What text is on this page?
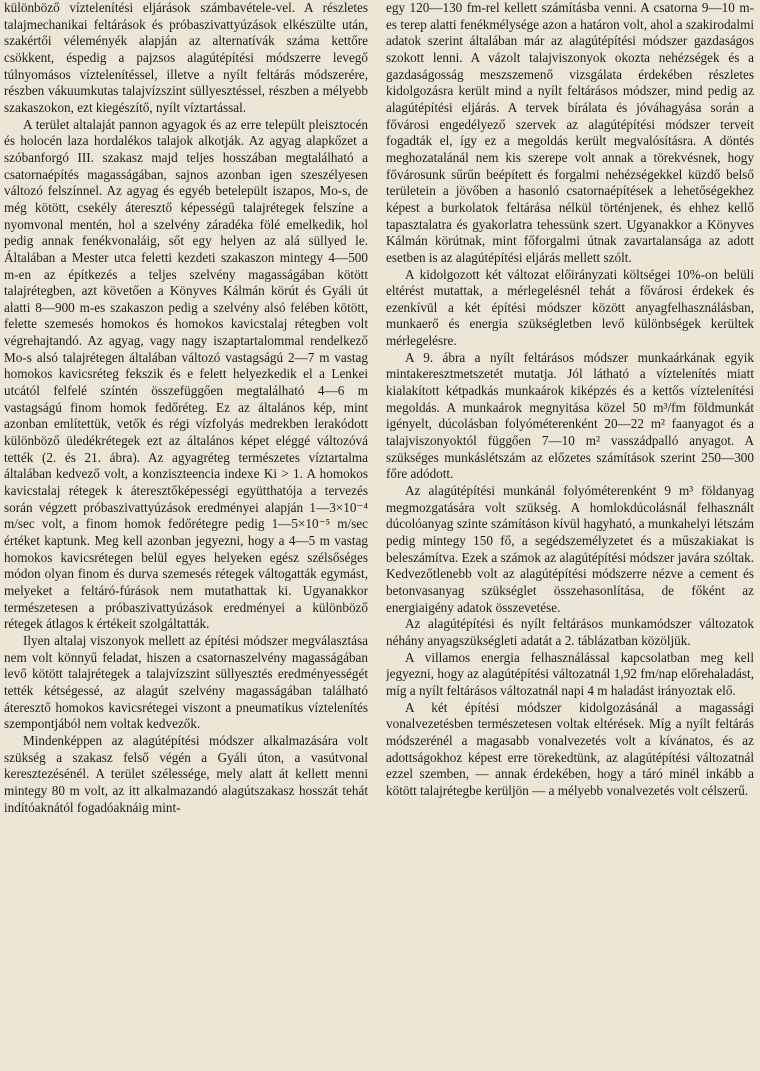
különböző víztelenítési eljárások számbavétele-vel. A részletes talajmechanikai feltárások és próbaszivattyúzások elkészülte után, szakértői véleményék alapján az alternatívák száma kettőre csökkent, éspedig a pajzsos alagútépítési módszerre levegő túlnyomásos víztelenítéssel, illetve a nyílt feltárás módszerére, részben vákuumkutas talajvízszint süllyesztéssel, részben a mélyebb szakaszokon, ezt kiegészítő, nyílt víztartással.

A terület altalaját pannon agyagok és az erre települt pleisztocén és holocén laza hordalékos talajok alkotják. Az agyag alapkőzet a szóbanforgó III. szakasz majd teljes hosszában megtalálható a csatornaépítés magasságában, sajnos azonban igen szeszélyesen változó felszínnel. Az agyag és egyéb betelepült iszapos, Mo-s, de még kötött, csekély áteresztő képességű talajrétegek felszíne a nyomvonal mentén, hol a szelvény záradéka fölé emelkedik, hol pedig annak fenékvonaláig, sőt egy helyen az alá süllyed le. Általában a Mester utca feletti kezdeti szakaszon mintegy 4—500 m-en az építkezés a teljes szelvény magasságában kötött talajrétegben, azt követően a Könyves Kálmán körút és Gyáli út alatti 8—900 m-es szakaszon pedig a szelvény alsó felében kötött, felette szemesés homokos és homokos kavicstalaj rétegben volt végrehajtandó. Az agyag, vagy nagy iszaptartalommal rendelkező Mo-s alsó talajrétegen általában változó vastagságú 2—7 m vastag homokos kavicsréteg fekszik és e felett helyezkedik el a Lenkei utcától felfelé színtén összefüggően megtalálható 4—6 m vastagságú finom homok fedőréteg. Ez az általános kép, mint azonban említettük, vetők és régi vízfolyás medrekben lerakódott különböző üledékrétegek ezt az általános képet eléggé változóvá tették (2. és 21. ábra). Az agyagréteg természetes víztartalma általában kedvező volt, a konziszteencia indexe Ki > 1. A homokos kavicstalaj rétegek k áteresztőképességi együtthatója a tervezés során végzett próbaszivattyúzások eredményei alapján 1—3×10⁻⁴ m/sec volt, a finom homok fedőrétegre pedig 1—5×10⁻⁵ m/sec értéket kaptunk. Meg kell azonban jegyezni, hogy a 4—5 m vastag homokos kavicsrétegen belül egyes helyeken egész szélsőséges módon olyan finom és durva szemesés rétegek váltogatták egymást, melyeket a feltáró-fúrások nem mutathattak ki. Ugyanakkor természetesen a próbaszivattyúzások eredményei a különböző rétegek átlagos k értékeit szolgáltatták.

Ilyen altalaj viszonyok mellett az építési módszer megválasztása nem volt könnyű feladat, hiszen a csatornaszelvény magasságában levő kötött talajrétegek a talajvízszint süllyesztés eredményességét tették kétségessé, az alagút szelvény magasságában található áteresztő homokos kavicsrétegei viszont a pneumatikus víztelenítés szempontjából nem voltak kedvezők.

Mindenképpen az alagútépítési módszer alkalmazására volt szükség a szakasz felső végén a Gyáli úton, a vasútvonal keresztezésénél. A terület szélessége, mely alatt át kellett menni mintegy 80 m volt, az itt alkalmazandó alagútszakasz hosszát tehát indítóaknától fogadóaknáig mint-

egy 120—130 fm-rel kellett számításba venni. A csatorna 9—10 m-es terep alatti fenékmélysége azon a határon volt, ahol a szakirodalmi adatok szerint általában már az alagútépítési módszer gazdaságos szokott lenni. A vázolt talajviszonyok okozta nehézségek és a gazdaságosság meszszemenő vizsgálata érdekében részletes kidolgozásra került mind a nyílt feltárásos módszer, mind pedig az alagútépítési eljárás. A tervek bírálata és jóváhagyása során a fővárosi engedélyező szervek az alagútépítési módszer terveit fogadták el, így ez a megoldás került megvalósításra. A döntés meghozatalánál nem kis szerepe volt annak a törekvésnek, hogy fővárosunk sűrűn beépített és forgalmi nehézségekkel küzdő belső területein a jövőben a hasonló csatornaépítések a lehetőségekhez képest a burkolatok feltárása nélkül történjenek, és ehhez kellő tapasztalatra és gyakorlatra tehessünk szert. Ugyanakkor a Könyves Kálmán körútnak, mint főforgalmi útnak zavartalansága az adott esetben is az alagútépítési eljárás mellett szólt.

A kidolgozott két változat előirányzati költségei 10%-on belüli eltérést mutattak, a mérlegelésnél tehát a fővárosi érdekek és ezenkívül a két építési módszer között anyagfelhasználásban, munkaerő és energia szükségletben levő különbségek kerültek mérlegelésre.

A 9. ábra a nyílt feltárásos módszer munkaárkának egyik mintakeresztmetszetét mutatja. Jól látható a víztelenítés miatt kialakított kétpadkás munkaárok kiképzés és a kettős víztelenítési megoldás. A munkaárok megnyitása közel 50 m³/fm földmunkát igényelt, dúcolásban folyóméterenként 20—22 m² faanyagot és a talajviszonyoktól függően 7—10 m² vasszádpalló anyagot. A szükséges munkáslétszám az előzetes számítások szerint 250—300 főre adódott.

Az alagútépítési munkánál folyóméterenként 9 m³ földanyag megmozgatására volt szükség. A homlokdúcolásnál felhasznált dúcolóanyag szinte számításon kívül hagyható, a munkahelyi létszám pedig mintegy 150 fő, a segédszemélyzetet és a műszakiakat is beleszámítva. Ezek a számok az alagútépítési módszer javára szóltak. Kedvezőtlenebb volt az alagútépítési módszerre nézve a cement és betonvasanyag szükséglet összehasonlítása, de főként az energiaigény adatok összevetése.

Az alagútépítési és nyílt feltárásos munkamódszer változatok néhány anyagszükségleti adatát a 2. táblázatban közöljük.

A villamos energia felhasználással kapcsolatban meg kell jegyezni, hogy az alagútépítési változatnál 1,92 fm/nap előrehaladást, míg a nyílt feltárásos változatnál napi 4 m haladást irányoztak elő.

A két építési módszer kidolgozásánál a magassági vonalvezetésben természetesen voltak eltérések. Míg a nyílt feltárás módszerénél a magasabb vonalvezetés volt a kívánatos, és az adottságokhoz képest erre törekedtünk, az alagútépítési változatnál ezzel szemben, — annak érdekében, hogy a táró minél inkább a kötött talajrétegbe kerüljön — a mélyebb vonalvezetés volt célszerű.
